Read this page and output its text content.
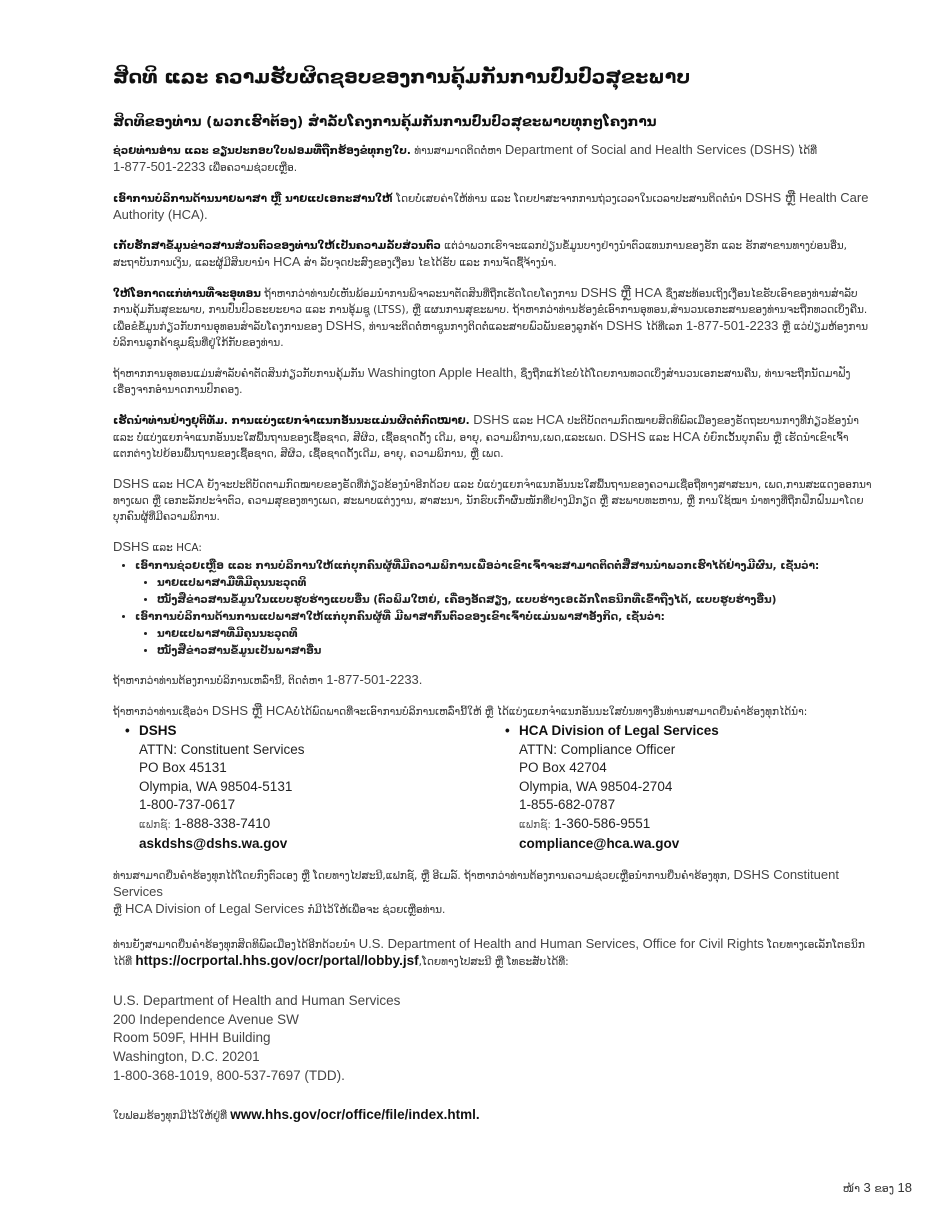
ສິດທິ ແລະ ຄວາມຮັບຜິດຊອບຂອງການຄຸ້ມກັນການປົ່ນປົວສຸຂະພາບ
ສິດທິຂອງທ່ານ (ພວກເຮົາຕ້ອງ) ສໍາລັບໂຄງການຄຸ້ມກັນການປົ່ນປົວສຸຂະພາບທຸກໆໂຄງການ

ຊ່ວຍທ່ານອ່ານ ແລະ ຂຽນປະກອບໃບຟອມທີ່ຖືກຮ້ອງຂໍທຸກໆໃບ. ທ່ານສາມາດຕິດຕໍ່ຫາ Department of Social and Health Services (DSHS) ໄດ້ທີ່
1-877-501-2233 ເພື່ອຄວາມຊ່ວຍເຫຼືອ.

ເອົາການບໍລິການດ້ານນາຍພາສາ ຫຼື ນາຍແປເອກະສານໃຫ້ ໂດຍບໍ່ເສຍຄ່າໃຫ້ທ່ານ ແລະ ໂດຍປາສະຈາກການຖ່ວງເວລາໃນເວລາປະສານຕິດຕໍ່ນໍາ DSHS ຫຼື Health Care Authority (HCA).

ເກັບຮັກສາຂໍ້ມູນຂ່າວສານສ່ວນຕົວຂອງທ່ານໃຫ້ເປັນຄວາມລັບສ່ວນຕົວ ແຕ່ວ່າພວກເຮົາຈະແລກປ່ຽນຂໍ້ມູນບາງຢ່າງນໍາຕົວແທນການຂອງຮັກ ແລະ ຮັກສາຂານທາງບ່ອນອື່ນ, ສະຖາບັນການເງິນ, ແລະຜູ້ມີສິນບານໍາ HCA ສໍາ ລັບຈຸດປະສົງຂອງເງື່ອນ ໄຂໄດ້ຮັບ ແລະ ການຈັດຊື້ຈ້າງນໍາ.

ໃຫ້ໂອກາດແກ່ທ່ານທີ່ຈະອຸທອນ ຖ້າຫາກວ່າທ່ານບໍ່ເຫັນພ້ອມນໍາການພິຈາລະນາຕັດສິນທີ່ຖືກເຮັດໂດຍໂຄງການ DSHS ຫຼື HCA ຊຶ່ງສະທ້ອນເຖິງເງື່ອນໄຂຮັບເອົາຂອງທ່ານສໍາລັບການຄຸ້ມກັນສຸຂະພາບ, ການປົ່ນປົວຣະຍະຍາວ ແລະ ການອຸ້ມຊູ (LTSS), ຫຼື ແຜນການສຸຂະພາບ. ຖ້າຫາກວ່າທ່ານຮ້ອງຂໍເອົາການອຸທອນ,ສໍານວນເອກະສານຂອງທ່ານຈະຖືກທວດເບິ່ງຄືນ. ເພື່ອຂໍຂໍ້ມູນກ່ຽວກັບການອຸທອນສໍາລັບໂຄງການຂອງ DSHS, ທ່ານຈະຕິດຕໍ່ຫາຊູນກາງຕິດຕໍ່ແລະສາຍພົວພັນຂອງລູກຄ້າ DSHS ໄດ້ທີ່ເລກ 1-877-501-2233 ຫຼື ແວ່ປ່ຽມຫ້ອງການບໍລິການລູກຄ້າຊຸມຊົນທີ່ຢູ່ໃກ້ກັບຂອງທ່ານ.

ຖ້າຫາກການອຸທອນແມ່ນສໍາລັບຄໍາຕັດສິນກ່ຽວກັບການຄຸ້ມກັນ Washington Apple Health, ຊຶ່ງຖືກແກ້ໄຂບໍ່ໄດ້ໂດຍການທວດເບິ່ງສໍານວນເອກະສານຄືນ, ທ່ານຈະຖືກນັດມາຟັງເຣື່ອງຈາກອໍານາດການປົກຄອງ.

ເຮັດນໍາທ່ານຢ່າງຍຸຕິທັມ. ການແບ່ງແຍກຈຳແນກອັນນະແມ່ນຜິດຕໍ່ກົດໝາຍ. DSHS ແລະ HCA ປະຕິບັດຕາມກົດໝາຍສິດທິພົລເມືອງຂອງຣັດຖະບານກາງທີ່ກ່ຽວຂ້ອງນໍາ ແລະ ບໍ່ແບ່ງແຍກຈຳແນກອັນນະໃສພື້ນຖານຂອງເຊື້ອຊາດ, ສີຜິວ, ເຊື້ອຊາດດັ້ງ ເດີມ, ອາຍຸ, ຄວາມພິການ,ເພດ,ແລະເພດ. DSHS ແລະ HCA ບໍ່ຍົກເວັ້ນບຸກຄົນ ຫຼື ເຮັດນໍາເຂົາເຈົ້າແຕກຕ່າງໄປຍ້ອນພື້ນຖານຂອງເຊື້ອຊາດ, ສີຜິວ, ເຊື້ອຊາດດັ້ງເດີມ, ອາຍຸ, ຄວາມພິການ, ຫຼື ເພດ.

DSHS ແລະ HCA ຍັງຈະປະຕິບັດຕາມກົດໝາຍຂອງຣັດທີ່ກ່ຽວຂ້ອງນໍາອີກດ້ວຍ ແລະ ບໍ່ແບ່ງແຍກຈຳແນກອັນນະໃສພື້ນຖານຂອງຄວາມເຊື່ອຖືທາງສາສະນາ, ເພດ,ການສະແດງອອກນາທາງເພດ ຫຼື ເອກະລັກປະຈຳຕົວ, ຄວາມສຸຂອງທາງເພດ, ສະພາບແຕ່ງງານ, ສາສະນາ, ນັກຮົບເກົ່າຜົ່ນໜັກທີ່ຢາງມີກຽດ ຫຼື ສະພາບທະຫານ, ຫຼື ການໃຊ້ໝາ ນໍາທາງທີ່ຖືກຝຶກຝົນມາໂດຍບຸກຄົນຜູ້ທີ່ມີຄວາມພິການ.

DSHS ແລະ HCA:

• ເອົາການຊ່ວຍເຫຼືອ ແລະ ການບໍລິການໃຫ້ແກ່ບຸກຄົນຜູ້ທີ່ມີຄວາມພິການເພື່ອວ່າເຂົາເຈົ້າຈະສາມາດຕິດຕໍ່ສື່ສານນໍາພວກເຮົາໄດ້ຢ່າງມີຜົນ, ເຊັ່ນວ່າ:
• ນາຍແປພາສາມືທີ່ມີຄຸນນະວຸດທິ
• ໜັງສືຂ່າວສານຂໍ້ມູນໃນແບບຮູບຮ່າງແບບອື່ນ (ຕົວພິມໃຫຍ່, ເຄື່ອງອັດສຽງ, ແບບຮ່າງເອເລັກໂຕຣນິກທີ່ເຂົ້າຖືງໄດ້, ແບບຮູບຮ່າງອື່ນ)
• ເອົາການບໍລິການດ້ານການແປພາສາໃຫ້ແກ່ບຸກຄົນຜູ້ທີ່ ມີພາສາກົ້ນຕົວຂອງເຂົາເຈົ້າບໍ່ແມ່ນພາສາອັງກິດ, ເຊັ່ນວ່າ:
• ນາຍແປພາສາທີ່ມີຄຸນນະວຸດທິ
• ໜັງສືຂ່າວສານຂໍ້ມູນເປັນພາສາອື່ນ

ຖ້າຫາກວ່າທ່ານຕ້ອງການບໍລິການເຫລົ່ານີ້, ຕິດຕໍ່ຫາ 1-877-501-2233.

ຖ້າຫາກວ່າທ່ານເຊື່ອວ່າ DSHS ຫຼື HCAບໍ່ໄດ້ພົດພາດທີ່ຈະເອົາການບໍລິການເຫລົ່ານີ້ໃຫ້ ຫຼື ໄດ້ແບ່ງແຍກຈຳແນກອັນນະໃສບໍ່ນທາງອື່ນທ່ານສາມາດຍື່ນຄໍາຮ້ອງທຸກໄດ້ນໍາ:

• DSHS
ATTN: Constituent Services
PO Box 45131
Olympia, WA 98504-5131
1-800-737-0617
ແຟກຊ໌: 1-888-338-7410
askdshs@dshs.wa.gov
• HCA Division of Legal Services
ATTN: Compliance Officer
PO Box 42704
Olympia, WA 98504-2704
1-855-682-0787
ແຟກຊ໌: 1-360-586-9551
compliance@hca.wa.gov

ທ່ານສາມາດຍື່ນຄໍາຮ້ອງທຸກໄດ້ໂດຍກົງຕົວເອງ ຫຼື ໂດຍທາງໄປສະນີ,ແຟກຊ໌, ຫຼື ອີເມລ໌. ຖ້າຫາກວ່າທ່ານຕ້ອງການຄວາມຊ່ວຍເຫຼືອນໍາການຍື່ນຄໍາຮ້ອງທຸກ, DSHS Constituent Services
ຫຼື HCA Division of Legal Services ກໍມີໄວ້ໃຫ້ເພື່ອຈະ ຊ່ວຍເຫຼືອທ່ານ.

ທ່ານຍັງສາມາດຍື່ນຄໍາຮ້ອງທຸກສິດທິພົລເມືອງໄດ້ອີກດ້ວຍນໍາ U.S. Department of Health and Human Services, Office for Civil Rights ໂດຍທາງເອເລັກໂຕຣນິກໄດ້ທີ່ https://ocrportal.hhs.gov/ocr/portal/lobby.jsf,ໂດຍທາງໄປສະນີ ຫຼື ໂທຣະສັບໄດ້ທີ່:

U.S. Department of Health and Human Services
200 Independence Avenue SW
Room 509F, HHH Building
Washington, D.C. 20201
1-800-368-1019, 800-537-7697 (TDD).

ໃບຟອມຮ້ອງທຸກມີໄວ້ໃຫ້ຢູ່ທີ່ www.hhs.gov/ocr/office/file/index.html.

ໜ້າ 3 ຂອງ 18
